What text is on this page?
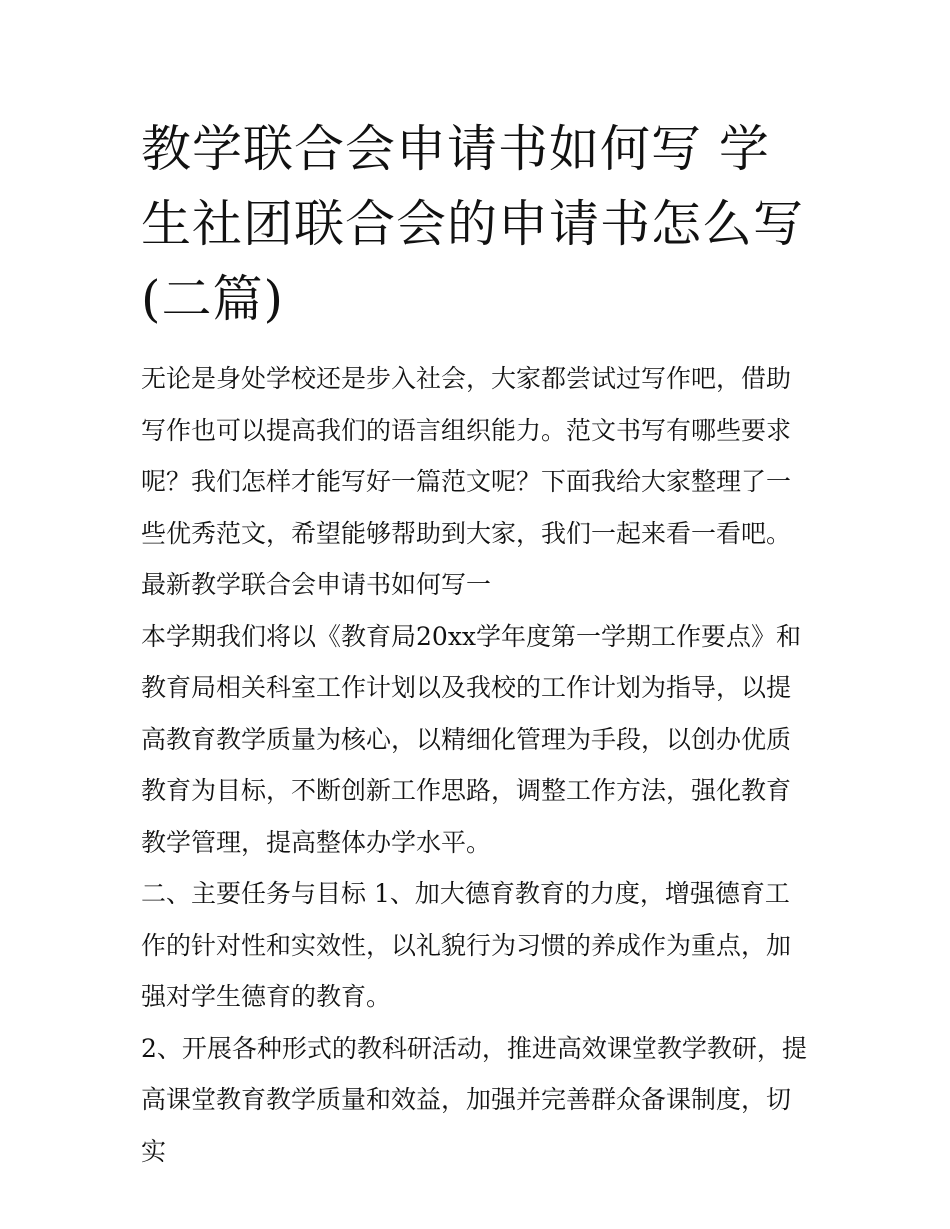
教学联合会申请书如何写 学生社团联合会的申请书怎么写(二篇)

无论是身处学校还是步入社会，大家都尝试过写作吧，借助写作也可以提高我们的语言组织能力。范文书写有哪些要求呢？我们怎样才能写好一篇范文呢？下面我给大家整理了一些优秀范文，希望能够帮助到大家，我们一起来看一看吧。

最新教学联合会申请书如何写一

本学期我们将以《教育局20xx学年度第一学期工作要点》和教育局相关科室工作计划以及我校的工作计划为指导，以提高教育教学质量为核心，以精细化管理为手段，以创办优质教育为目标，不断创新工作思路，调整工作方法，强化教育教学管理，提高整体办学水平。

二、主要任务与目标 1、加大德育教育的力度，增强德育工作的针对性和实效性，以礼貌行为习惯的养成作为重点，加强对学生德育的教育。

2、开展各种形式的教科研活动，推进高效课堂教学教研，提高课堂教育教学质量和效益，加强并完善群众备课制度，切实
